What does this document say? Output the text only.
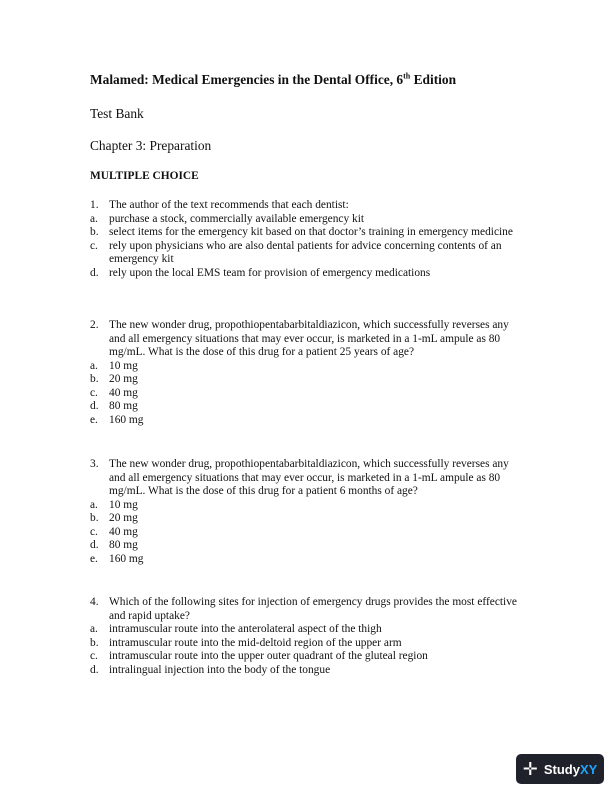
Malamed: Medical Emergencies in the Dental Office, 6th Edition

Test Bank

Chapter 3: Preparation

MULTIPLE CHOICE

1. The author of the text recommends that each dentist:
a. purchase a stock, commercially available emergency kit
b. select items for the emergency kit based on that doctor’s training in emergency medicine
c. rely upon physicians who are also dental patients for advice concerning contents of an emergency kit
d. rely upon the local EMS team for provision of emergency medications
2. The new wonder drug, propothiopentabarbitaldiazicon, which successfully reverses any and all emergency situations that may ever occur, is marketed in a 1-mL ampule as 80 mg/mL. What is the dose of this drug for a patient 25 years of age?
a. 10 mg
b. 20 mg
c. 40 mg
d. 80 mg
e. 160 mg
3. The new wonder drug, propothiopentabarbitaldiazicon, which successfully reverses any and all emergency situations that may ever occur, is marketed in a 1-mL ampule as 80 mg/mL. What is the dose of this drug for a patient 6 months of age?
a. 10 mg
b. 20 mg
c. 40 mg
d. 80 mg
e. 160 mg
4. Which of the following sites for injection of emergency drugs provides the most effective and rapid uptake?
a. intramuscular route into the anterolateral aspect of the thigh
b. intramuscular route into the mid-deltoid region of the upper arm
c. intramuscular route into the upper outer quadrant of the gluteal region
d. intralingual injection into the body of the tongue
✛ StudyXY
